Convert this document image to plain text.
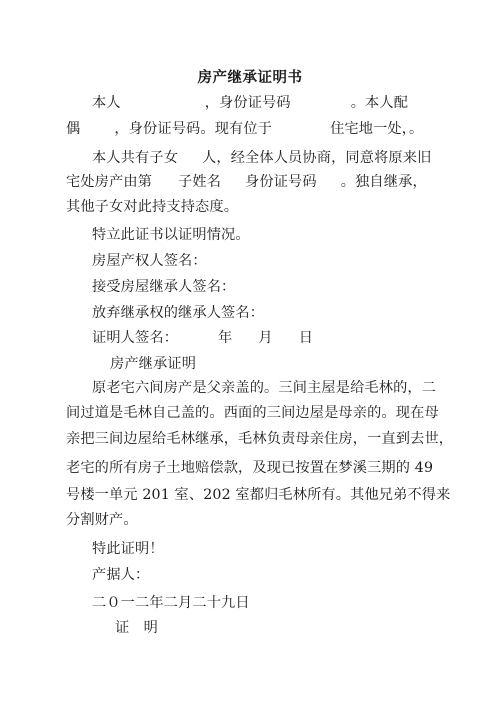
房产继承证明书
本人	，身份证号码	。本人配
偶 ，身份证号码。现有位于	住宅地一处，。
本人共有子女 人，经全体人员协商，同意将原来旧
宅处房产由第 子姓名 身份证号码 。独自继承，
其他子女对此持支持态度。
特立此证书以证明情况。
房屋产权人签名：
接受房屋继承人签名：
放弃继承权的继承人签名：
证明人签名：	年 月 日
房产继承证明
原老宅六间房产是父亲盖的。三间主屋是给毛林的，二
间过道是毛林自己盖的。西面的三间边屋是母亲的。现在母
亲把三间边屋给毛林继承，毛林负责母亲住房，一直到去世，
老宅的所有房子土地赔偿款，及现已按置在梦溪三期的 49
号楼一单元 201 室、202 室都归毛林所有。其他兄弟不得来
分割财产。
特此证明！
产据人：
二０一二年二月二十九日
证　明
